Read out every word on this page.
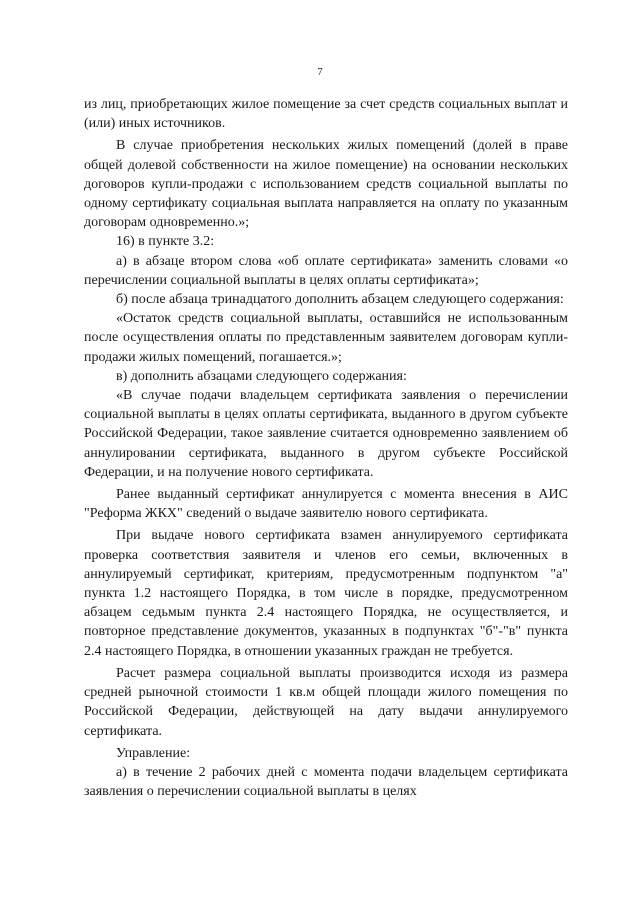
7

из лиц, приобретающих жилое помещение за счет средств социальных выплат и (или) иных источников.

В случае приобретения нескольких жилых помещений (долей в праве общей долевой собственности на жилое помещение) на основании нескольких договоров купли-продажи с использованием средств социальной выплаты по одному сертификату социальная выплата направляется на оплату по указанным договорам одновременно.»;

16) в пункте 3.2:

а) в абзаце втором слова «об оплате сертификата» заменить словами «о перечислении социальной выплаты в целях оплаты сертификата»;

б) после абзаца тринадцатого дополнить абзацем следующего содержания:

«Остаток средств социальной выплаты, оставшийся не использованным после осуществления оплаты по представленным заявителем договорам купли-продажи жилых помещений, погашается.»;

в) дополнить абзацами следующего содержания:

«В случае подачи владельцем сертификата заявления о перечислении социальной выплаты в целях оплаты сертификата, выданного в другом субъекте Российской Федерации, такое заявление считается одновременно заявлением об аннулировании сертификата, выданного в другом субъекте Российской Федерации, и на получение нового сертификата.

Ранее выданный сертификат аннулируется с момента внесения в АИС "Реформа ЖКХ" сведений о выдаче заявителю нового сертификата.

При выдаче нового сертификата взамен аннулируемого сертификата проверка соответствия заявителя и членов его семьи, включенных в аннулируемый сертификат, критериям, предусмотренным подпунктом "а" пункта 1.2 настоящего Порядка, в том числе в порядке, предусмотренном абзацем седьмым пункта 2.4 настоящего Порядка, не осуществляется, и повторное представление документов, указанных в подпунктах "б"-"в" пункта 2.4 настоящего Порядка, в отношении указанных граждан не требуется.

Расчет размера социальной выплаты производится исходя из размера средней рыночной стоимости 1 кв.м общей площади жилого помещения по Российской Федерации, действующей на дату выдачи аннулируемого сертификата.

Управление:

а) в течение 2 рабочих дней с момента подачи владельцем сертификата заявления о перечислении социальной выплаты в целях
